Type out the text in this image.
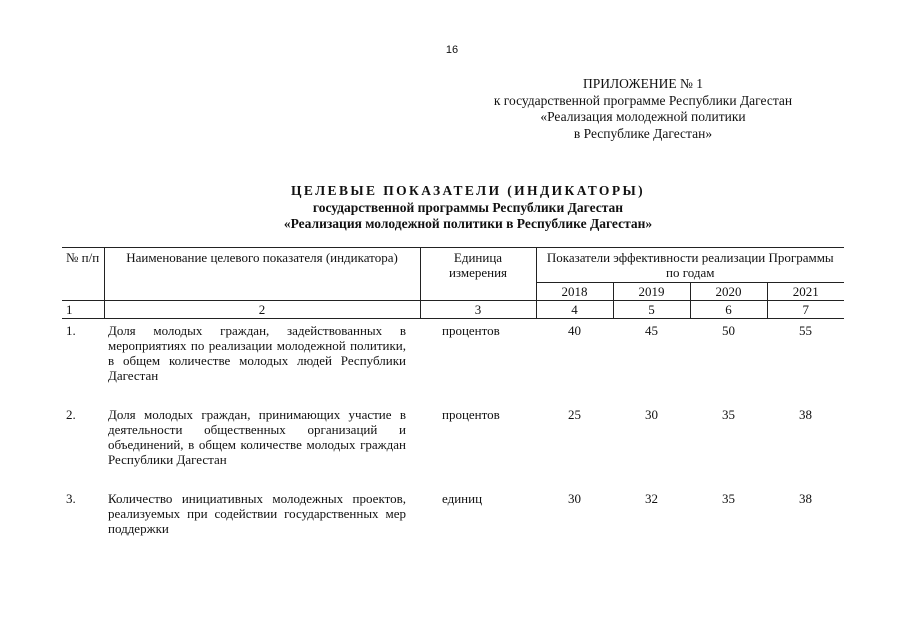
16
ПРИЛОЖЕНИЕ № 1
к государственной программе Республики Дагестан
«Реализация молодежной политики
в Республике Дагестан»
ЦЕЛЕВЫЕ ПОКАЗАТЕЛИ (ИНДИКАТОРЫ)
государственной программы Республики Дагестан
«Реализация молодежной политики в Республике Дагестан»
№ п/п	Наименование целевого показателя (индикатора)	Единица измерения	Показатели эффективности реализации Программы по годам			
			2018	2019	2020	2021
1	2	3	4	5	6	7
1.	Доля молодых граждан, задействованных в мероприятиях по реализации молодежной политики, в общем количестве молодых людей Республики Дагестан	процентов	40	45	50	55
2.	Доля молодых граждан, принимающих участие в деятельности общественных организаций и объединений, в общем количестве молодых граждан Республики Дагестан	процентов	25	30	35	38
3.	Количество инициативных молодежных проектов, реализуемых при содействии государственных мер поддержки	единиц	30	32	35	38
